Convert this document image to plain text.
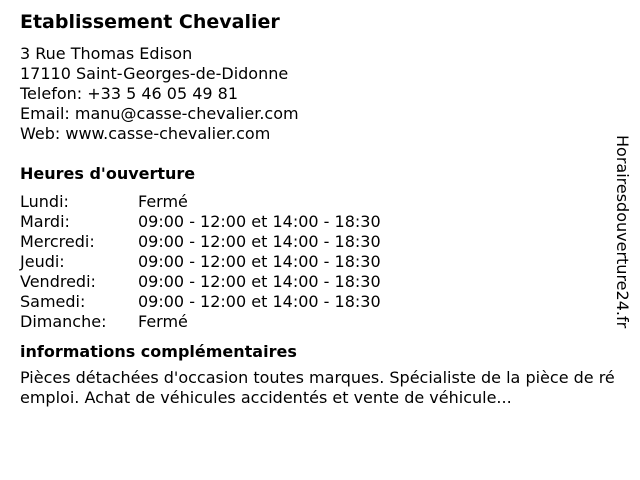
Etablissement Chevalier
3 Rue Thomas Edison
17110 Saint-Georges-de-Didonne
Telefon: +33 5 46 05 49 81
Email: manu@casse-chevalier.com
Web: www.casse-chevalier.com
Heures d'ouverture
Lundi:	Fermé
Mardi:	09:00 - 12:00 et 14:00 - 18:30
Mercredi:	09:00 - 12:00 et 14:00 - 18:30
Jeudi:	09:00 - 12:00 et 14:00 - 18:30
Vendredi:	09:00 - 12:00 et 14:00 - 18:30
Samedi:	09:00 - 12:00 et 14:00 - 18:30
Dimanche:	Fermé
informations complémentaires
Pièces détachées d'occasion toutes marques. Spécialiste de la pièce de réemploi. Achat de véhicules accidentés et vente de véhicule...
Horairesdouverture24.fr
